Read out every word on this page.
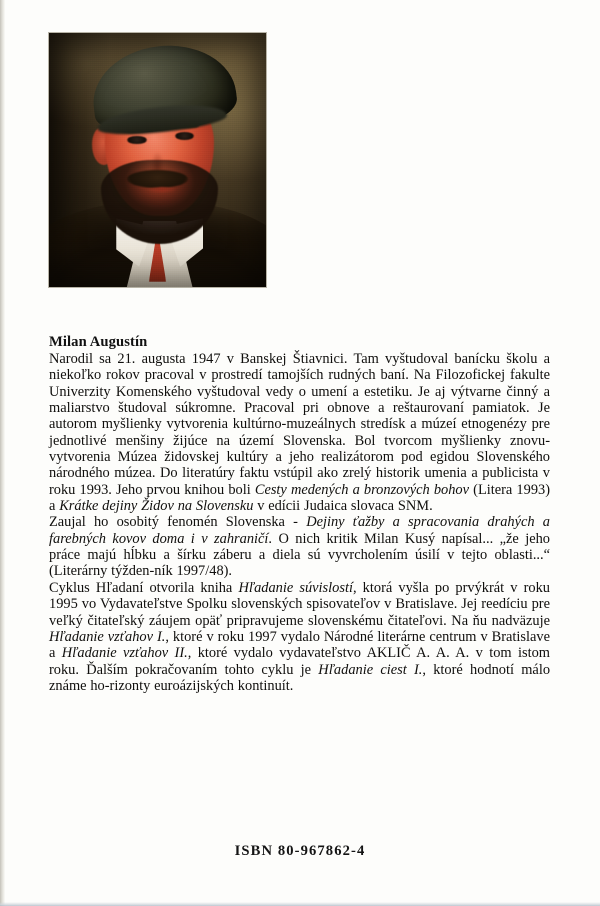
Milan Augustín

Narodil sa 21. augusta 1947 v Banskej Štiavnici. Tam vyštudoval banícku školu a niekoľko rokov pracoval v prostredí tamojších rudných baní. Na Filozofickej fakulte Univerzity Komenského vyštudoval vedy o umení a estetiku. Je aj výtvarne činný a maliarstvo študoval súkromne. Pracoval pri obnove a reštaurovaní pamiatok. Je autorom myšlienky vytvorenia kultúrno-muzeálnych stredísk a múzeí etnogenézy pre jednotlivé menšiny žijúce na území Slovenska. Bol tvorcom myšlienky znovu-vytvorenia Múzea židovskej kultúry a jeho realizátorom pod egidou Slovenského národného múzea. Do literatúry faktu vstúpil ako zrelý historik umenia a publicista v roku 1993. Jeho prvou knihou boli Cesty medených a bronzových bohov (Litera 1993) a Krátke dejiny Židov na Slovensku v edícii Judaica slovaca SNM.

Zaujal ho osobitý fenomén Slovenska - Dejiny ťažby a spracovania drahých a farebných kovov doma i v zahraničí. O nich kritik Milan Kusý napísal... „že jeho práce majú hĺbku a šírku záberu a diela sú vyvrcholením úsilí v tejto oblasti...“ (Literárny týžden-ník 1997/48).

Cyklus Hľadaní otvorila kniha Hľadanie súvislostí, ktorá vyšla po prvýkrát v roku 1995 vo Vydavateľstve Spolku slovenských spisovateľov v Bratislave. Jej reedíciu pre veľký čitateľský záujem opäť pripravujeme slovenskému čitateľovi. Na ňu nadväzuje Hľadanie vzťahov I., ktoré v roku 1997 vydalo Národné literárne centrum v Bratislave a Hľadanie vzťahov II., ktoré vydalo vydavateľstvo AKLIČ A. A. A. v tom istom roku. Ďalším pokračovaním tohto cyklu je Hľadanie ciest I., ktoré hodnotí málo známe ho-rizonty euroázijských kontinuít.

ISBN 80-967862-4
